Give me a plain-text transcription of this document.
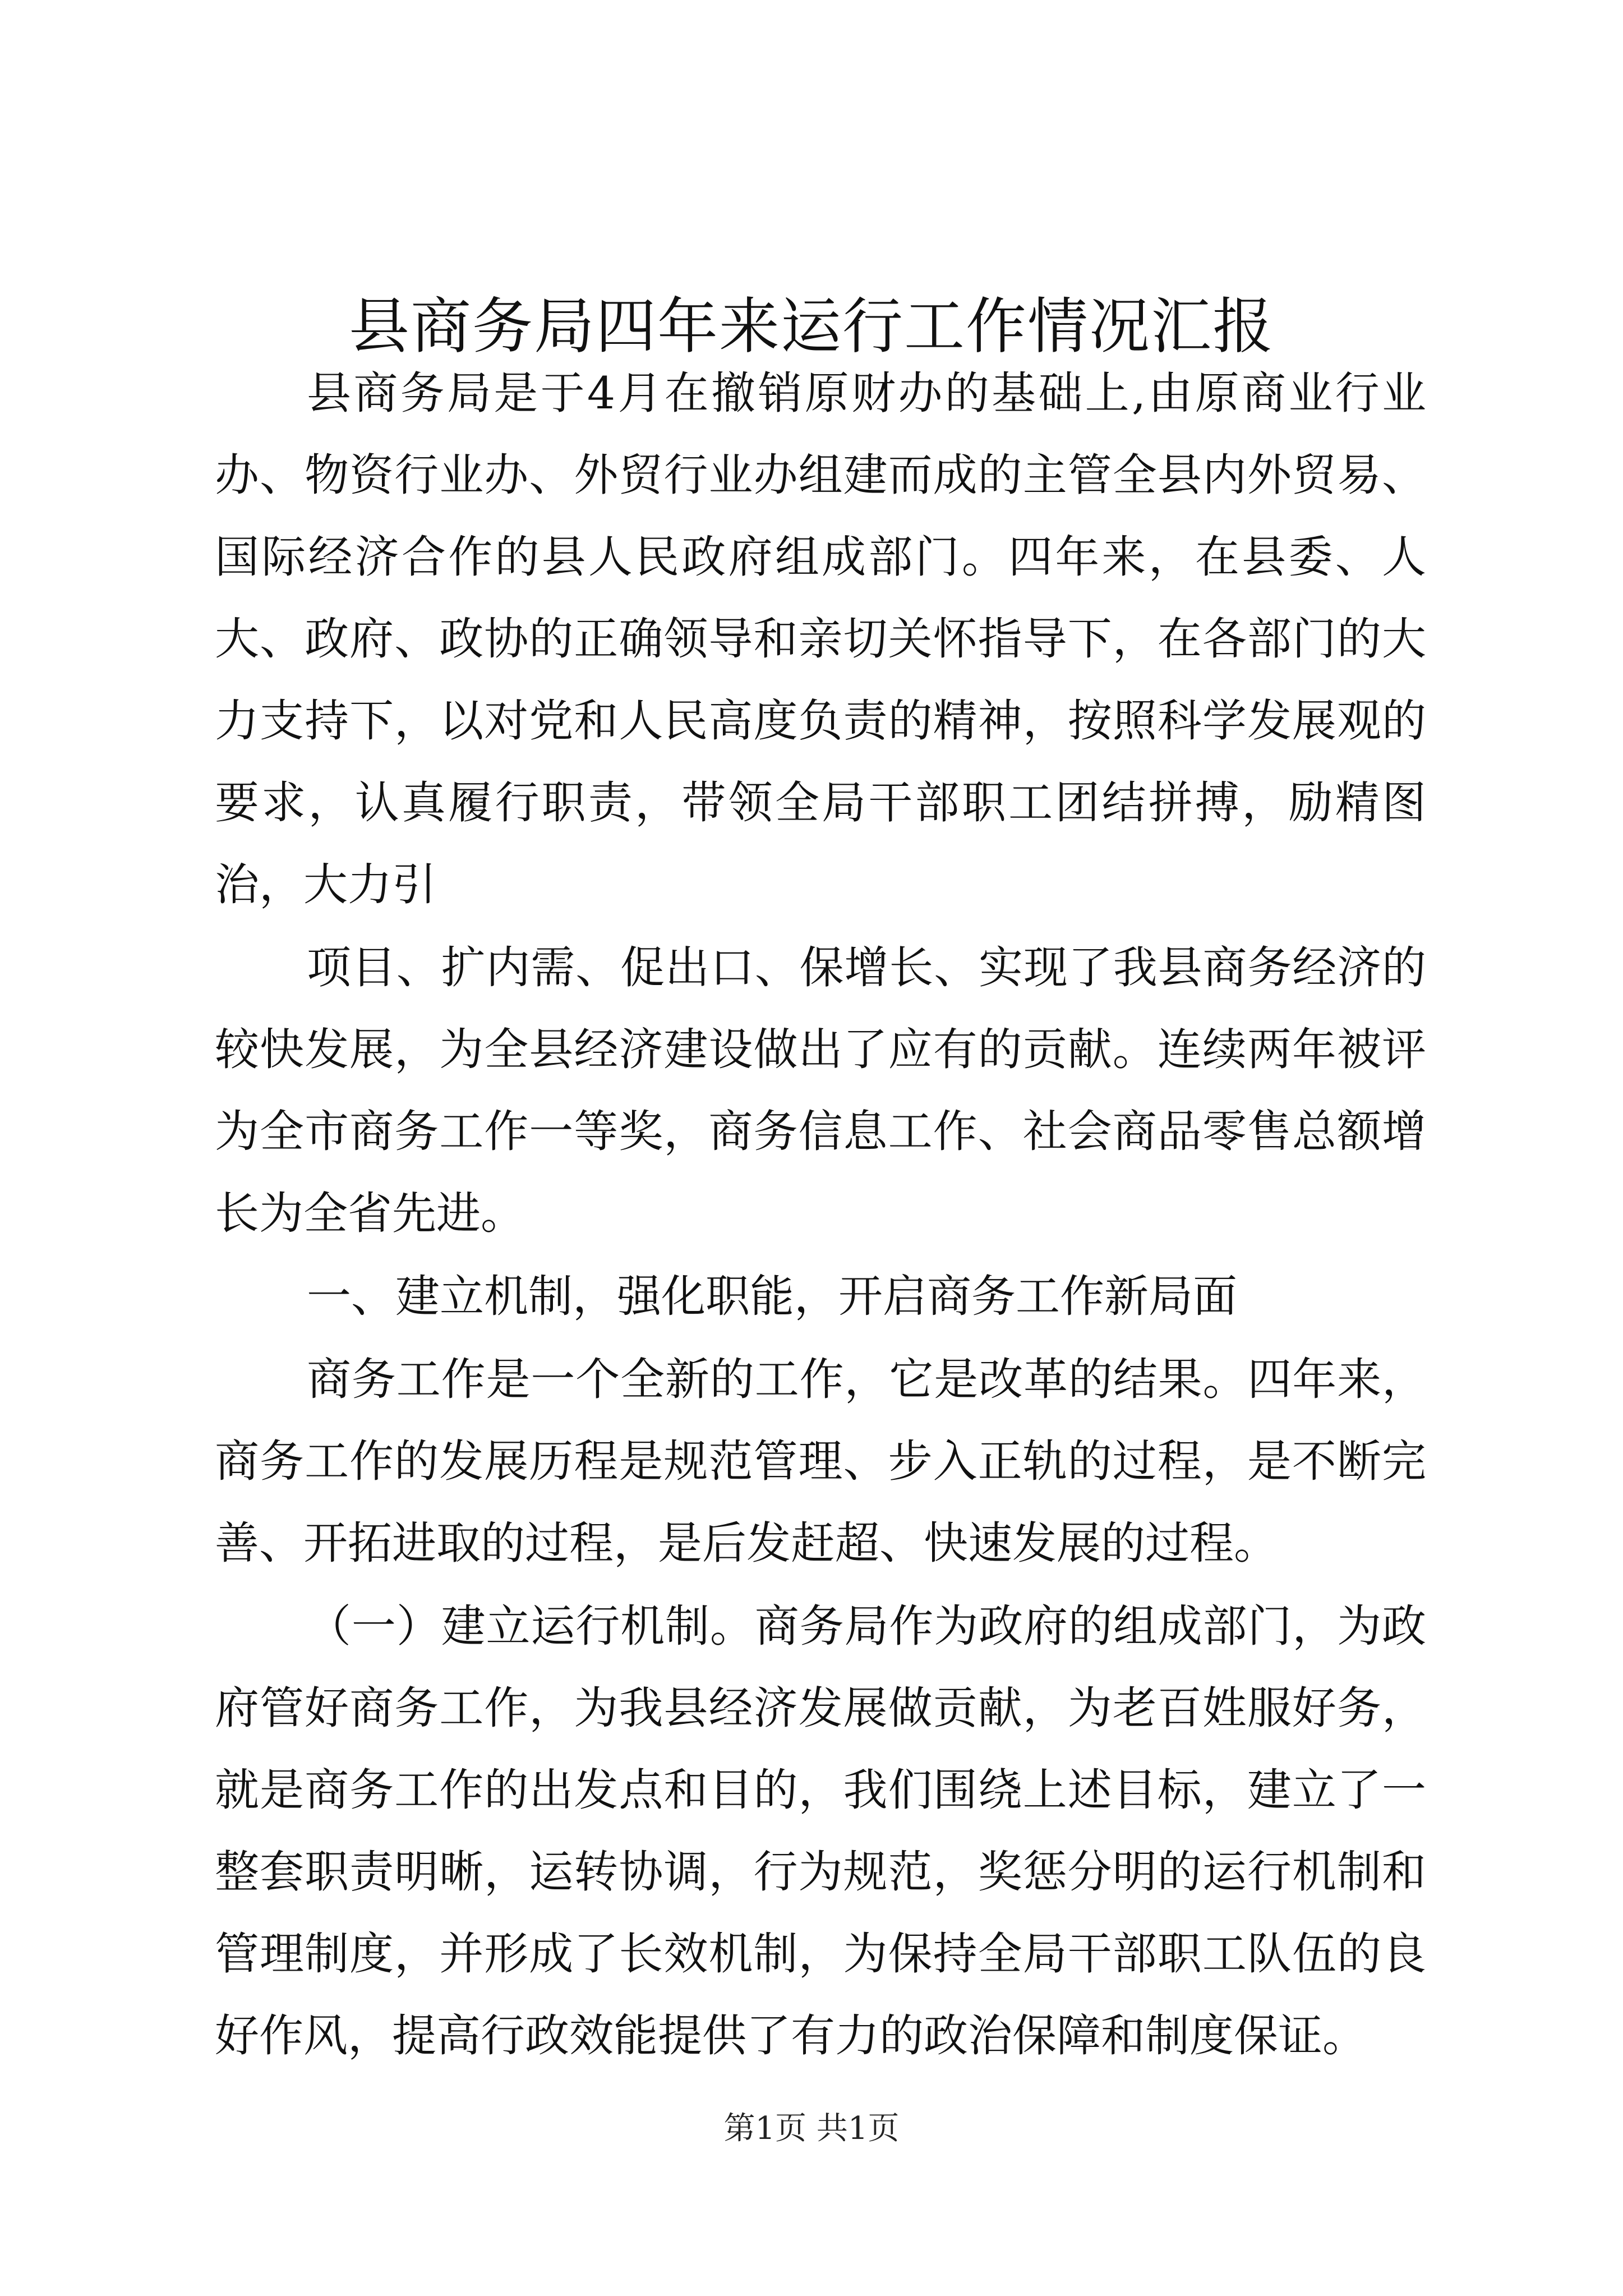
县商务局四年来运行工作情况汇报

县商务局是于4月在撤销原财办的基础上,由原商业行业办、物资行业办、外贸行业办组建而成的主管全县内外贸易、国际经济合作的县人民政府组成部门。四年来，在县委、人大、政府、政协的正确领导和亲切关怀指导下，在各部门的大力支持下，以对党和人民高度负责的精神，按照科学发展观的要求，认真履行职责，带领全局干部职工团结拼搏，励精图治，大力引

项目、扩内需、促出口、保增长、实现了我县商务经济的较快发展，为全县经济建设做出了应有的贡献。连续两年被评为全市商务工作一等奖，商务信息工作、社会商品零售总额增长为全省先进。

一、建立机制，强化职能，开启商务工作新局面

商务工作是一个全新的工作，它是改革的结果。四年来，商务工作的发展历程是规范管理、步入正轨的过程，是不断完善、开拓进取的过程，是后发赶超、快速发展的过程。

（一）建立运行机制。商务局作为政府的组成部门，为政府管好商务工作，为我县经济发展做贡献，为老百姓服好务，就是商务工作的出发点和目的，我们围绕上述目标，建立了一整套职责明晰，运转协调，行为规范，奖惩分明的运行机制和管理制度，并形成了长效机制，为保持全局干部职工队伍的良好作风，提高行政效能提供了有力的政治保障和制度保证。

第1页 共1页
